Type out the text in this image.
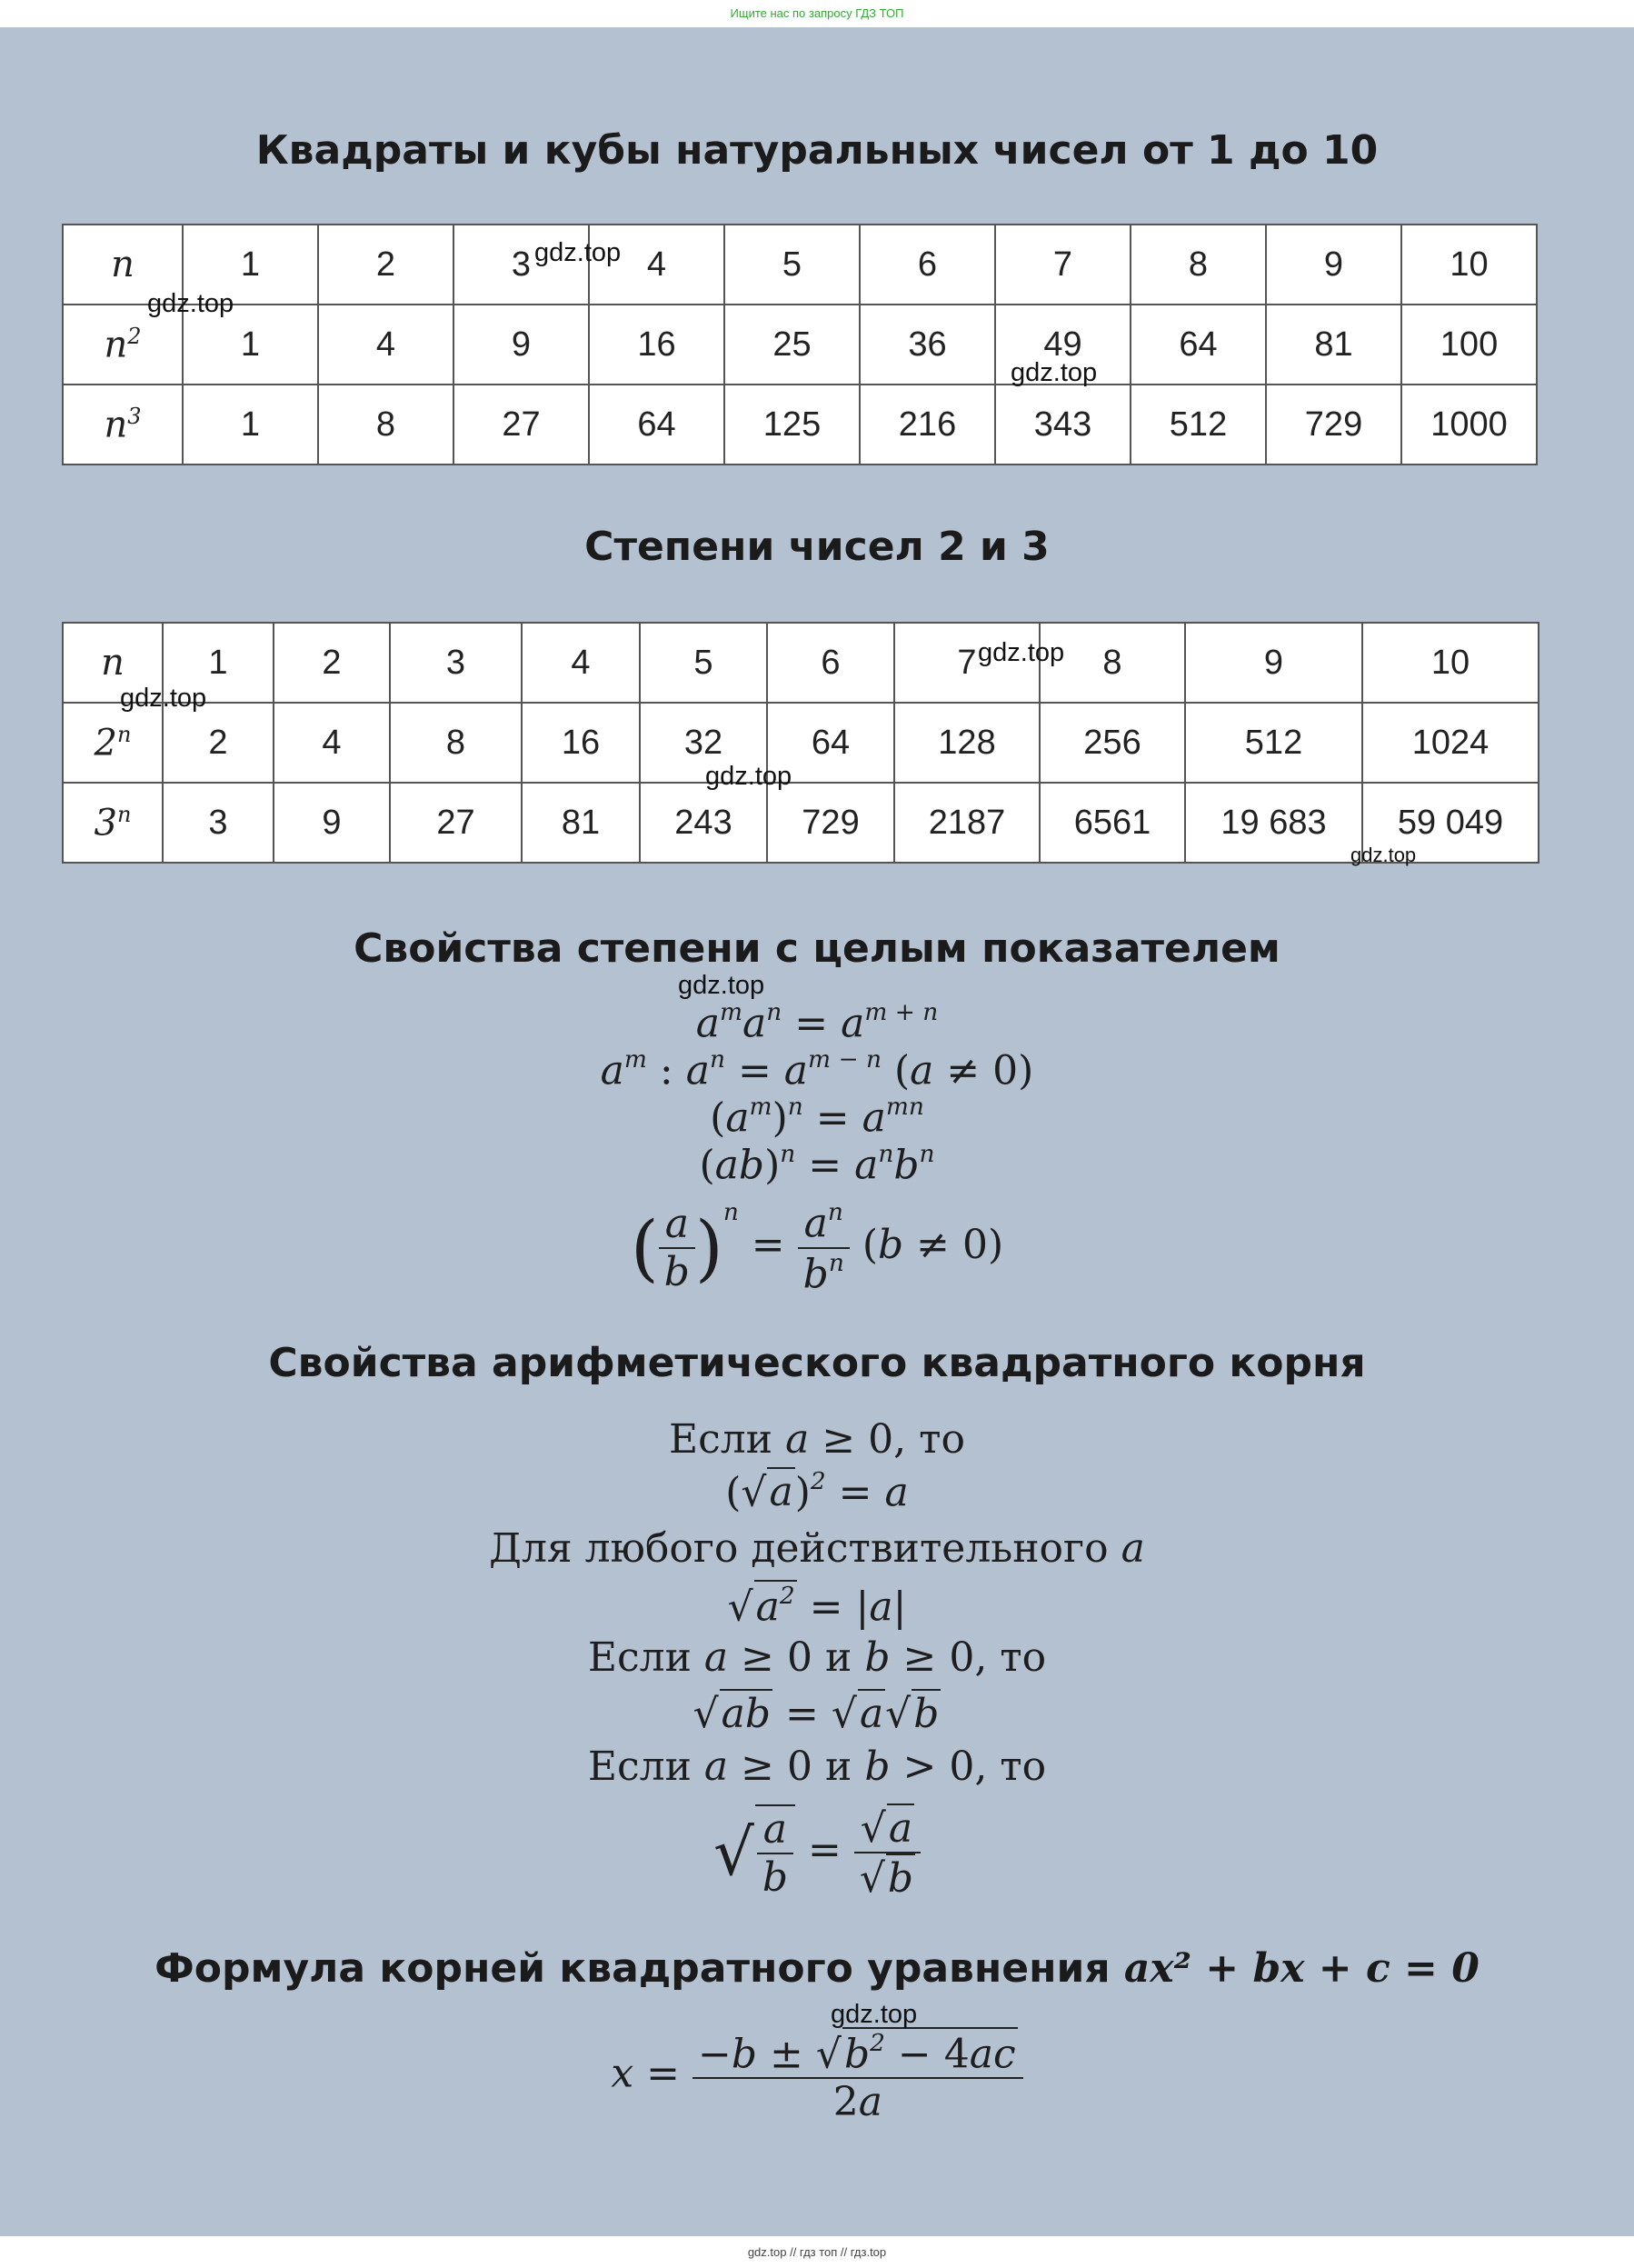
Ищите нас по запросу ГДЗ ТОП
Квадраты и кубы натуральных чисел от 1 до 10
n	1	2	3	4	5	6	7	8	9	10
$n^2$	1	4	9	16	25	36	49	64	81	100
$n^3$	1	8	27	64	125	216	343	512	729	1000
Степени чисел 2 и 3
n	1	2	3	4	5	6	7	8	9	10
2$^n$	2	4	8	16	32	64	128	256	512	1024
3$^n$	3	9	27	81	243	729	2187	6561	19 683	59 049
Свойства степени с целым показателем
$a^ma^n = a^{m + n}$
$a^m$ : $a^n = a^{m - n}$ (a ≠ 0)
$(a^m)^n = a^{mn}$
$(ab)^n = a^nb^n$
( $\frac{a}{b} )^n = \frac{a^n}{b^n} (b \ne 0)$
Свойства арифметического квадратного корня
Если a ≥ 0, то
$(√a)^2 = a$
Для любого действительного a
$√a^2 = |a|$
Если a ≥ 0 и b ≥ 0, то
√ab = √a√b
Если a ≥ 0 и b > 0, то
√ $\frac{a}{b} = \frac{√a}{√b}$
Формула корней квадратного уравнения ax² + bx + c = 0
$x = \frac{-b \pm √b^2 - 4ac}{2a}$
gdz.top
gdz.top
gdz.top
gdz.top
gdz.top
gdz.top
gdz.top
gdz.top
gdz.top
gdz.top // гдз топ // гдз.top
